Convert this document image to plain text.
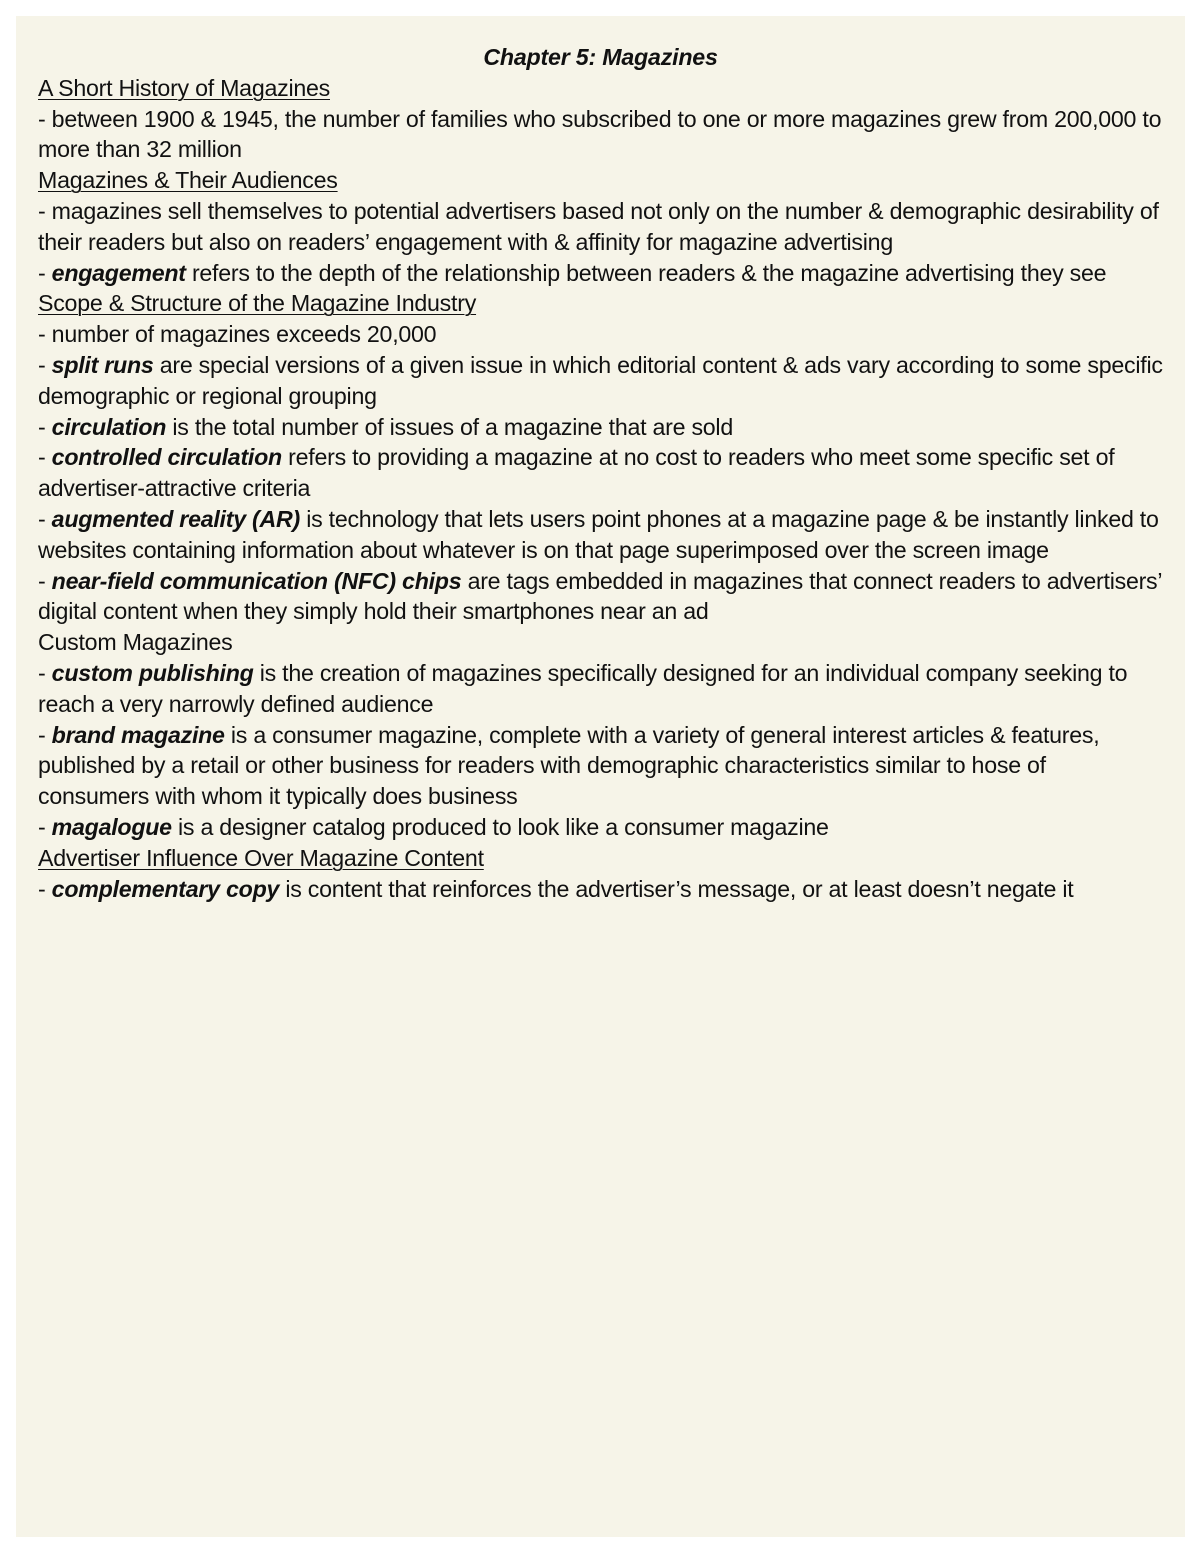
Chapter 5: Magazines
A Short History of Magazines
- between 1900 & 1945, the number of families who subscribed to one or more magazines grew from 200,000 to more than 32 million
Magazines & Their Audiences
- magazines sell themselves to potential advertisers based not only on the number & demographic desirability of their readers but also on readers’ engagement with & affinity for magazine advertising
- engagement refers to the depth of the relationship between readers & the magazine advertising they see
Scope & Structure of the Magazine Industry
- number of magazines exceeds 20,000
- split runs are special versions of a given issue in which editorial content & ads vary according to some specific demographic or regional grouping
- circulation is the total number of issues of a magazine that are sold
- controlled circulation refers to providing a magazine at no cost to readers who meet some specific set of advertiser-attractive criteria
- augmented reality (AR) is technology that lets users point phones at a magazine page & be instantly linked to websites containing information about whatever is on that page superimposed over the screen image
- near-field communication (NFC) chips are tags embedded in magazines that connect readers to advertisers’ digital content when they simply hold their smartphones near an ad
Custom Magazines
- custom publishing is the creation of magazines specifically designed for an individual company seeking to reach a very narrowly defined audience
- brand magazine is a consumer magazine, complete with a variety of general interest articles & features, published by a retail or other business for readers with demographic characteristics similar to hose of consumers with whom it typically does business
- magalogue is a designer catalog produced to look like a consumer magazine
Advertiser Influence Over Magazine Content
- complementary copy is content that reinforces the advertiser’s message, or at least doesn’t negate it
